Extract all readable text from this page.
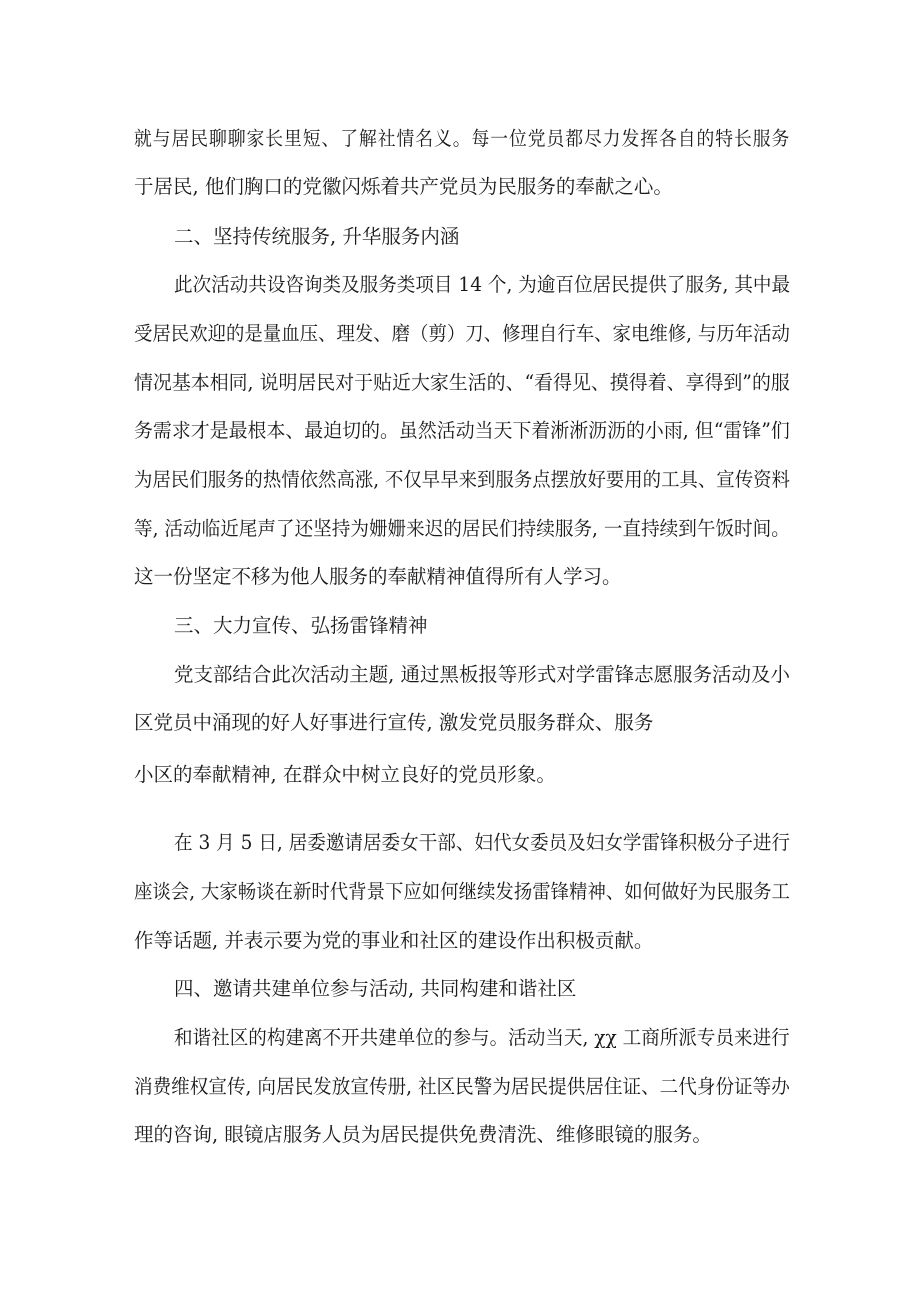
就与居民聊聊家长里短、了解社情名义。每一位党员都尽力发挥各自的特长服务

于居民, 他们胸口的党徽闪烁着共产党员为民服务的奉献之心。

二、坚持传统服务, 升华服务内涵

此次活动共设咨询类及服务类项目 14 个, 为逾百位居民提供了服务, 其中最

受居民欢迎的是量血压、理发、磨（剪）刀、修理自行车、家电维修, 与历年活动

情况基本相同, 说明居民对于贴近大家生活的、“看得见、摸得着、享得到”的服

务需求才是最根本、最迫切的。虽然活动当天下着淅淅沥沥的小雨, 但“雷锋”们

为居民们服务的热情依然高涨, 不仅早早来到服务点摆放好要用的工具、宣传资料

等, 活动临近尾声了还坚持为姗姗来迟的居民们持续服务, 一直持续到午饭时间。

这一份坚定不移为他人服务的奉献精神值得所有人学习。

三、大力宣传、弘扬雷锋精神

党支部结合此次活动主题, 通过黑板报等形式对学雷锋志愿服务活动及小

区党员中涌现的好人好事进行宣传, 激发党员服务群众、服务

小区的奉献精神, 在群众中树立良好的党员形象。

在 3 月 5 日, 居委邀请居委女干部、妇代女委员及妇女学雷锋积极分子进行

座谈会, 大家畅谈在新时代背景下应如何继续发扬雷锋精神、如何做好为民服务工

作等话题, 并表示要为党的事业和社区的建设作出积极贡献。

四、邀请共建单位参与活动, 共同构建和谐社区

和谐社区的构建离不开共建单位的参与。活动当天, χχ 工商所派专员来进行

消费维权宣传, 向居民发放宣传册, 社区民警为居民提供居住证、二代身份证等办

理的咨询, 眼镜店服务人员为居民提供免费清洗、维修眼镜的服务。
